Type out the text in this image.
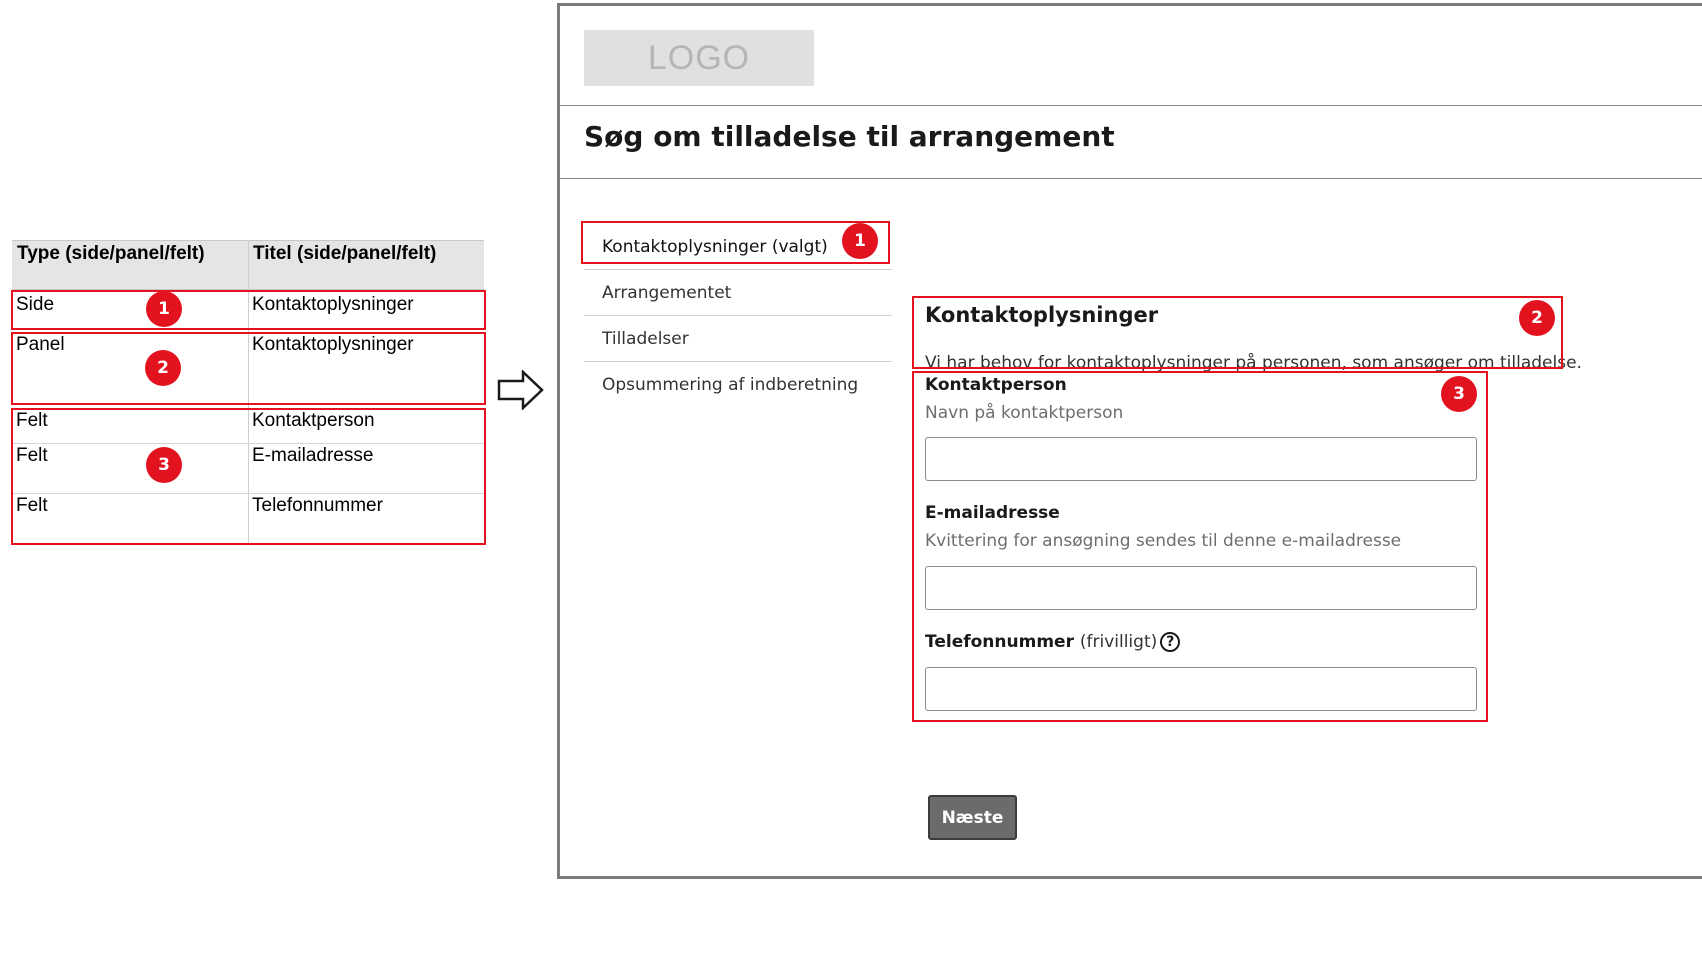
Type (side/panel/felt)	Titel (side/panel/felt)
Side	Kontaktoplysninger
Panel	Kontaktoplysninger
Felt	Kontaktperson
Felt	E-mailadresse
Felt	Telefonnummer
1
2
3
LOGO
Søg om tilladelse til arrangement
Kontaktoplysninger (valgt)
Arrangementet
Tilladelser
Opsummering af indberetning
Kontaktoplysninger
Vi har behov for kontaktoplysninger på personen, som ansøger om tilladelse.
Kontaktperson
Navn på kontaktperson
E-mailadresse
Kvittering for ansøgning sendes til denne e-mailadresse
Telefonnummer (frivilligt) ?
Næste
1
2
3
